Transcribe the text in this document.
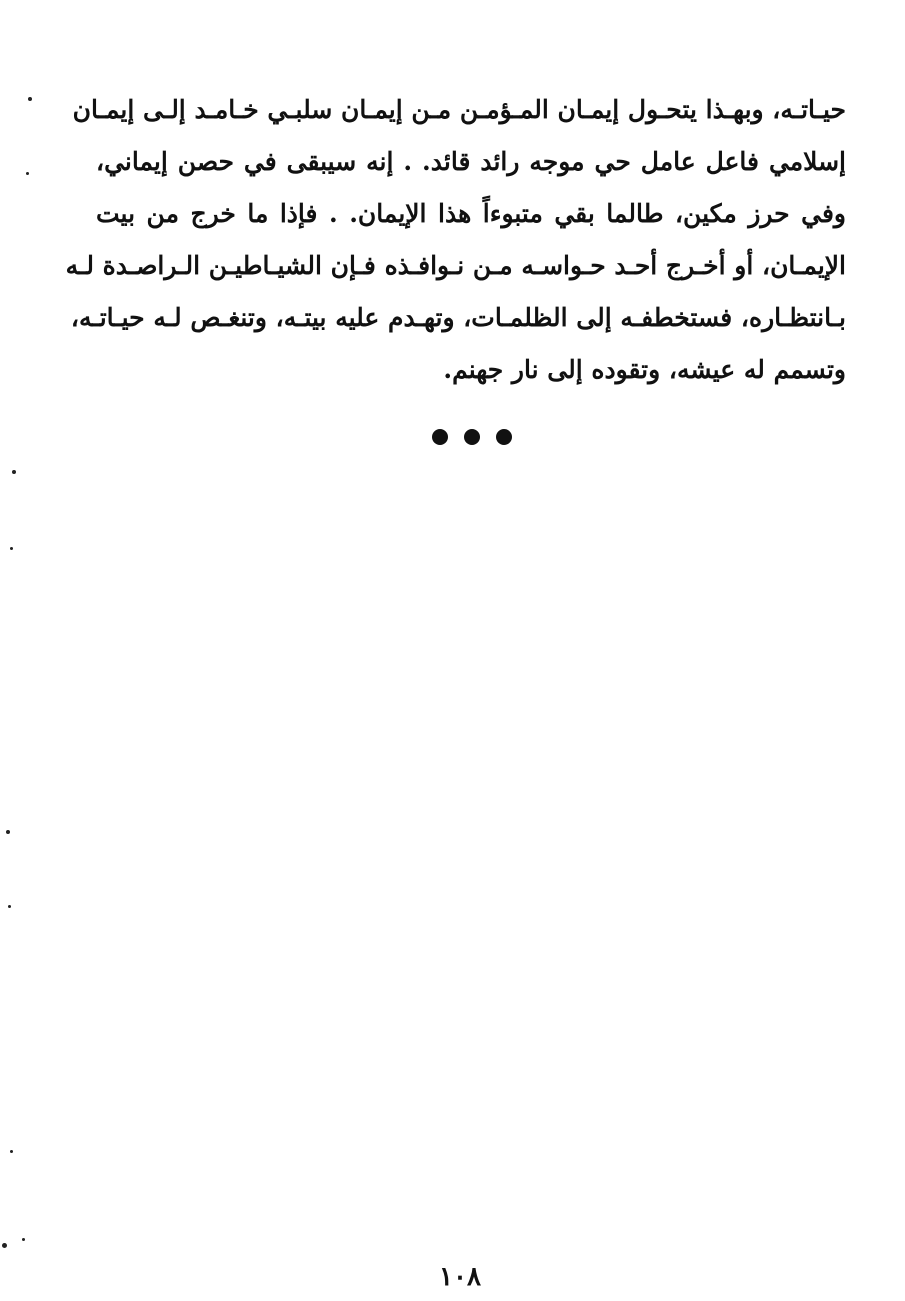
حيـاتـه، وبهـذا يتحـول إيمـان المـؤمـن مـن إيمـان سلبـي خـامـد إلـى إيمـان
إسلامي فاعل عامل حي موجه رائد قائد. . إنه سيبقى في حصن إيماني،
وفي حرز مكين، طالما بقي متبوءاً هذا الإيمان. . فإذا ما خرج من بيت
الإيمـان، أو أخـرج أحـد حـواسـه مـن نـوافـذه فـإن الشيـاطيـن الـراصـدة لـه
بـانتظـاره، فستخطفـه إلى الظلمـات، وتهـدم عليه بيتـه، وتنغـص لـه حيـاتـه،
وتسمم له عيشه، وتقوده إلى نار جهنم.
١٠٨
